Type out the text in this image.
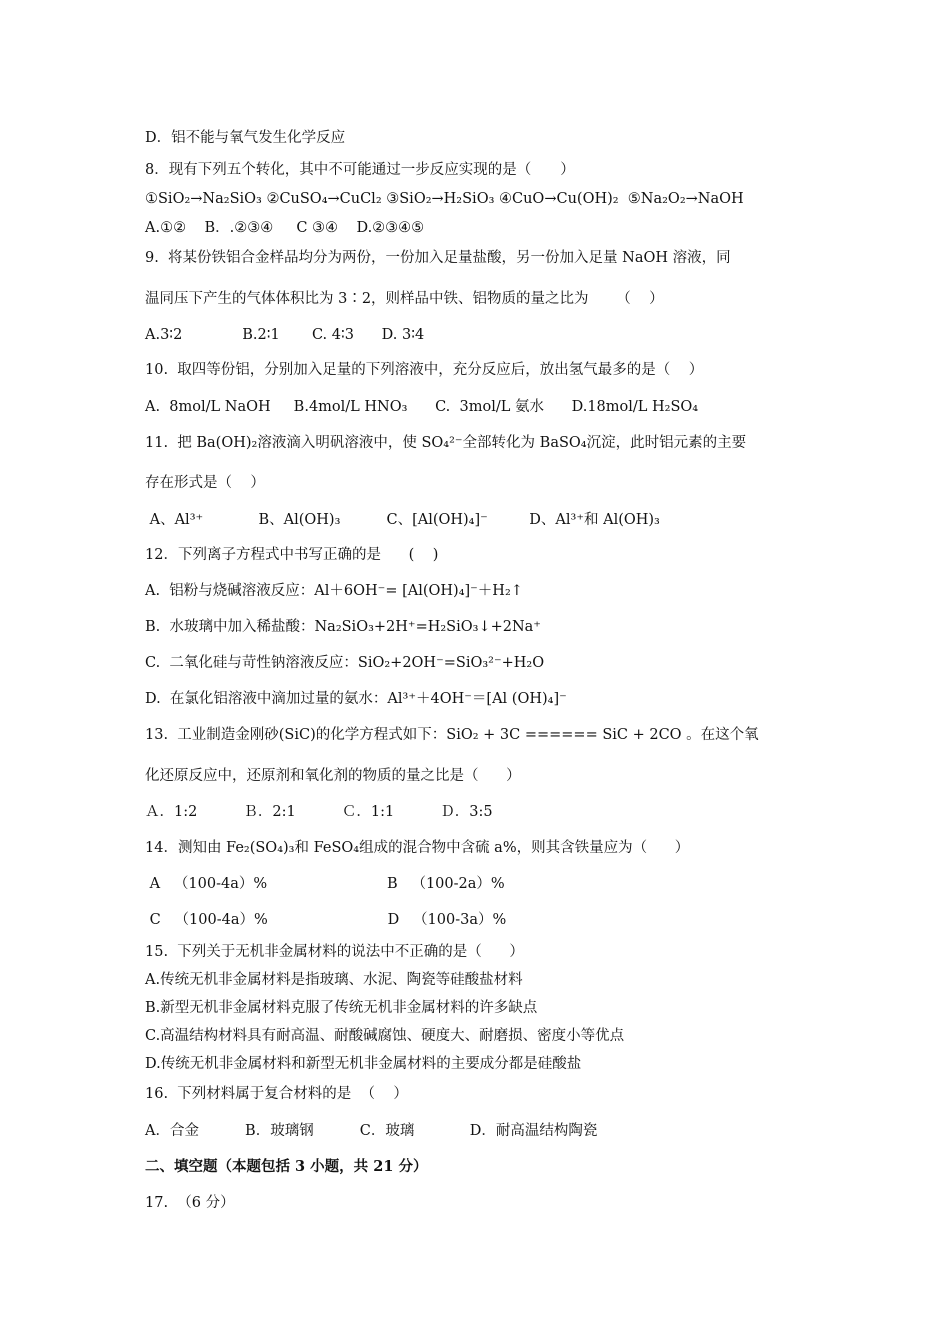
D．铝不能与氧气发生化学反应
8．现有下列五个转化，其中不可能通过一步反应实现的是（　　）
①SiO₂→Na₂SiO₃ ②CuSO₄→CuCl₂ ③SiO₂→H₂SiO₃ ④CuO→Cu(OH)₂  ⑤Na₂O₂→NaOH
A.①②    B．.②③④     C ③④    D.②③④⑤
9.  将某份铁铝合金样品均分为两份，一份加入足量盐酸，另一份加入足量 NaOH 溶液，同
温同压下产生的气体体积比为 3∶2，则样品中铁、铝物质的量之比为      （    ）
A.3∶2             B.2∶1       C. 4∶3      D. 3∶4
10.  取四等份铝，分别加入足量的下列溶液中，充分反应后，放出氢气最多的是（    ）
A.  8mol/L NaOH     B.4mol/L HNO₃      C.  3mol/L 氨水      D.18mol/L H₂SO₄
11.  把 Ba(OH)₂溶液滴入明矾溶液中，使 SO₄²⁻全部转化为 BaSO₄沉淀，此时铝元素的主要
存在形式是（    ）
A、Al³⁺            B、Al(OH)₃          C、[Al(OH)₄]⁻         D、Al³⁺和 Al(OH)₃
12．下列离子方程式中书写正确的是      (    )
A.  铝粉与烧碱溶液反应：Al＋6OH⁻= [Al(OH)₄]⁻＋H₂↑
B.  水玻璃中加入稀盐酸：Na₂SiO₃+2H⁺=H₂SiO₃↓+2Na⁺
C.  二氧化硅与苛性钠溶液反应：SiO₂+2OH⁻=SiO₃²⁻+H₂O
D.  在氯化铝溶液中滴加过量的氨水：Al³⁺＋4OH⁻＝[Al (OH)₄]⁻
13.  工业制造金刚砂(SiC)的化学方程式如下：SiO₂ + 3C ====== SiC + 2CO 。在这个氧
化还原反应中，还原剂和氧化剂的物质的量之比是（      ）
Ａ．1:2          Ｂ．2:1          Ｃ．1:1          Ｄ．3:5
14．测知由 Fe₂(SO₄)₃和 FeSO₄组成的混合物中含硫 a%，则其含铁量应为（      ）
A   （100-4a）%                          B   （100-2a）%
C   （100-4a）%                          D   （100-3a）%
15.  下列关于无机非金属材料的说法中不正确的是（      ）
A.传统无机非金属材料是指玻璃、水泥、陶瓷等硅酸盐材料
B.新型无机非金属材料克服了传统无机非金属材料的许多缺点
C.高温结构材料具有耐高温、耐酸碱腐蚀、硬度大、耐磨损、密度小等优点
D.传统无机非金属材料和新型无机非金属材料的主要成分都是硅酸盐
16.  下列材料属于复合材料的是  （    ）
A．合金          B．玻璃钢          C．玻璃            D．耐高温结构陶瓷
二、填空题（本题包括 3 小题，共 21 分）
17.  （6 分）
